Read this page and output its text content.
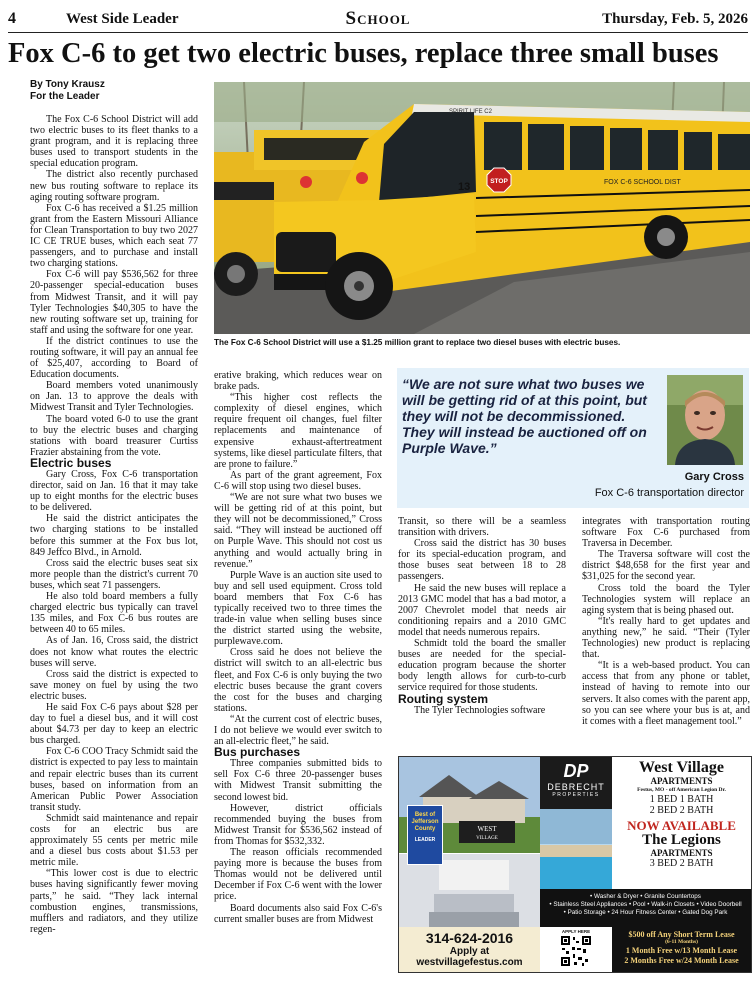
4	West Side Leader	School	Thursday, Feb. 5, 2026
Fox C-6 to get two electric buses, replace three small buses
By Tony Krausz
For the Leader

The Fox C-6 School District will add two electric buses to its fleet thanks to a grant program, and it is replacing three buses used to transport students in the special education program.

The district also recently purchased new bus routing software to replace its aging routing software program.

Fox C-6 has received a $1.25 million grant from the Eastern Missouri Alliance for Clean Transportation to buy two 2027 IC CE TRUE buses, which each seat 77 passengers, and to purchase and install two charging stations.

Fox C-6 will pay $536,562 for three 20-passenger special-education buses from Midwest Transit, and it will pay Tyler Technologies $40,305 to have the new routing software set up, training for staff and using the software for one year.

If the district continues to use the routing software, it will pay an annual fee of $25,407, according to Board of Education documents.

Board members voted unanimously on Jan. 13 to approve the deals with Midwest Transit and Tyler Technologies.

The board voted 6-0 to use the grant to buy the electric buses and charging stations with board treasurer Curtiss Frazier abstaining from the vote.

Electric buses

Gary Cross, Fox C-6 transportation director, said on Jan. 16 that it may take up to eight months for the electric buses to be delivered.

He said the district anticipates the two charging stations to be installed before this summer at the Fox bus lot, 849 Jeffco Blvd., in Arnold.

Cross said the electric buses seat six more people than the district's current 70 buses, which seat 71 passengers.

He also told board members a fully charged electric bus typically can travel 135 miles, and Fox C-6 bus routes are between 40 to 65 miles.

As of Jan. 16, Cross said, the district does not know what routes the electric buses will serve.

Cross said the district is expected to save money on fuel by using the two electric buses.

He said Fox C-6 pays about $28 per day to fuel a diesel bus, and it will cost about $4.73 per day to keep an electric bus charged.

Fox C-6 COO Tracy Schmidt said the district is expected to pay less to maintain and repair electric buses than its current buses, based on information from an American Public Power Association transit study.

Schmidt said maintenance and repair costs for an electric bus are approximately 55 cents per metric mile and a diesel bus costs about $1.53 per metric mile.

“This lower cost is due to electric buses having significantly fewer moving parts,” he said. “They lack internal combustion engines, transmissions, mufflers and radiators, and they utilize regen-

SPIRIT LIFE C2
13	STOP	FOX C-6 SCHOOL DIST
The Fox C-6 School District will use a $1.25 million grant to replace two diesel buses with electric buses.

erative braking, which reduces wear on brake pads.

“This higher cost reflects the complexity of diesel engines, which require frequent oil changes, fuel filter replacements and maintenance of expensive exhaust-aftertreatment systems, like diesel particulate filters, that are prone to failure.”

As part of the grant agreement, Fox C-6 will stop using two diesel buses.

“We are not sure what two buses we will be getting rid of at this point, but they will not be decommissioned,” Cross said. “They will instead be auctioned off on Purple Wave. This should not cost us anything and would actually bring in revenue.”

Purple Wave is an auction site used to buy and sell used equipment. Cross told board members that Fox C-6 has typically received two to three times the trade-in value when selling buses since the district started using the website, purplewave.com.

Cross said he does not believe the district will switch to an all-electric bus fleet, and Fox C-6 is only buying the two electric buses because the grant covers the cost for the buses and charging stations.

“At the current cost of electric buses, I do not believe we would ever switch to an all-electric fleet,” he said.

Bus purchases

Three companies submitted bids to sell Fox C-6 three 20-passenger buses with Midwest Transit submitting the second lowest bid.

However, district officials recommended buying the buses from Midwest Transit for $536,562 instead of from Thomas for $532,332.

The reason officials recommended paying more is because the buses from Thomas would not be delivered until December if Fox C-6 went with the lower price.

Board documents also said Fox C-6's current smaller buses are from Midwest

“We are not sure what two buses we will be getting rid of at this point, but they will not be decommissioned. They will instead be auctioned off on Purple Wave.”
Gary Cross
Fox C-6 transportation director

Transit, so there will be a seamless transition with drivers.

Cross said the district has 30 buses for its special-education program, and those buses seat between 18 to 28 passengers.

He said the new buses will replace a 2013 GMC model that has a bad motor, a 2007 Chevrolet model that needs air conditioning repairs and a 2010 GMC model that needs numerous repairs.

Schmidt told the board the smaller buses are needed for the special-education program because the shorter body length allows for curb-to-curb service required for those students.

Routing system

The Tyler Technologies software

integrates with transportation routing software Fox C-6 purchased from Traversa in December.

The Traversa software will cost the district $48,658 for the first year and $31,025 for the second year.

Cross told the board the Tyler Technologies system will replace an aging system that is being phased out.

“It's really hard to get updates and anything new,” he said. “Their (Tyler Technologies) new product is replacing that.

“It is a web-based product. You can access that from any phone or tablet, instead of having to remote into our servers. It also comes with the parent app, so you can see where your bus is at, and it comes with a fleet management tool.”

WEST
VILLAGE
Best of Jefferson County
LEADER
314-624-2016
Apply at
westvillagefestus.com
DP
DEBRECHT
PROPERTIES
• Washer & Dryer • Granite Countertops
• Stainless Steel Appliances • Pool • Walk-in Closets • Video Doorbell
• Patio Storage • 24 Hour Fitness Center • Gated Dog Park
APPLY HERE
West Village
APARTMENTS
Festus, MO - off American Legion Dr.
1 BED 1 BATH
2 BED 2 BATH
NOW AVAILABLE
The Legions
APARTMENTS
3 BED 2 BATH
$500 off Any Short Term Lease
(6-11 Months)
1 Month Free w/13 Month Lease
2 Months Free w/24 Month Lease
